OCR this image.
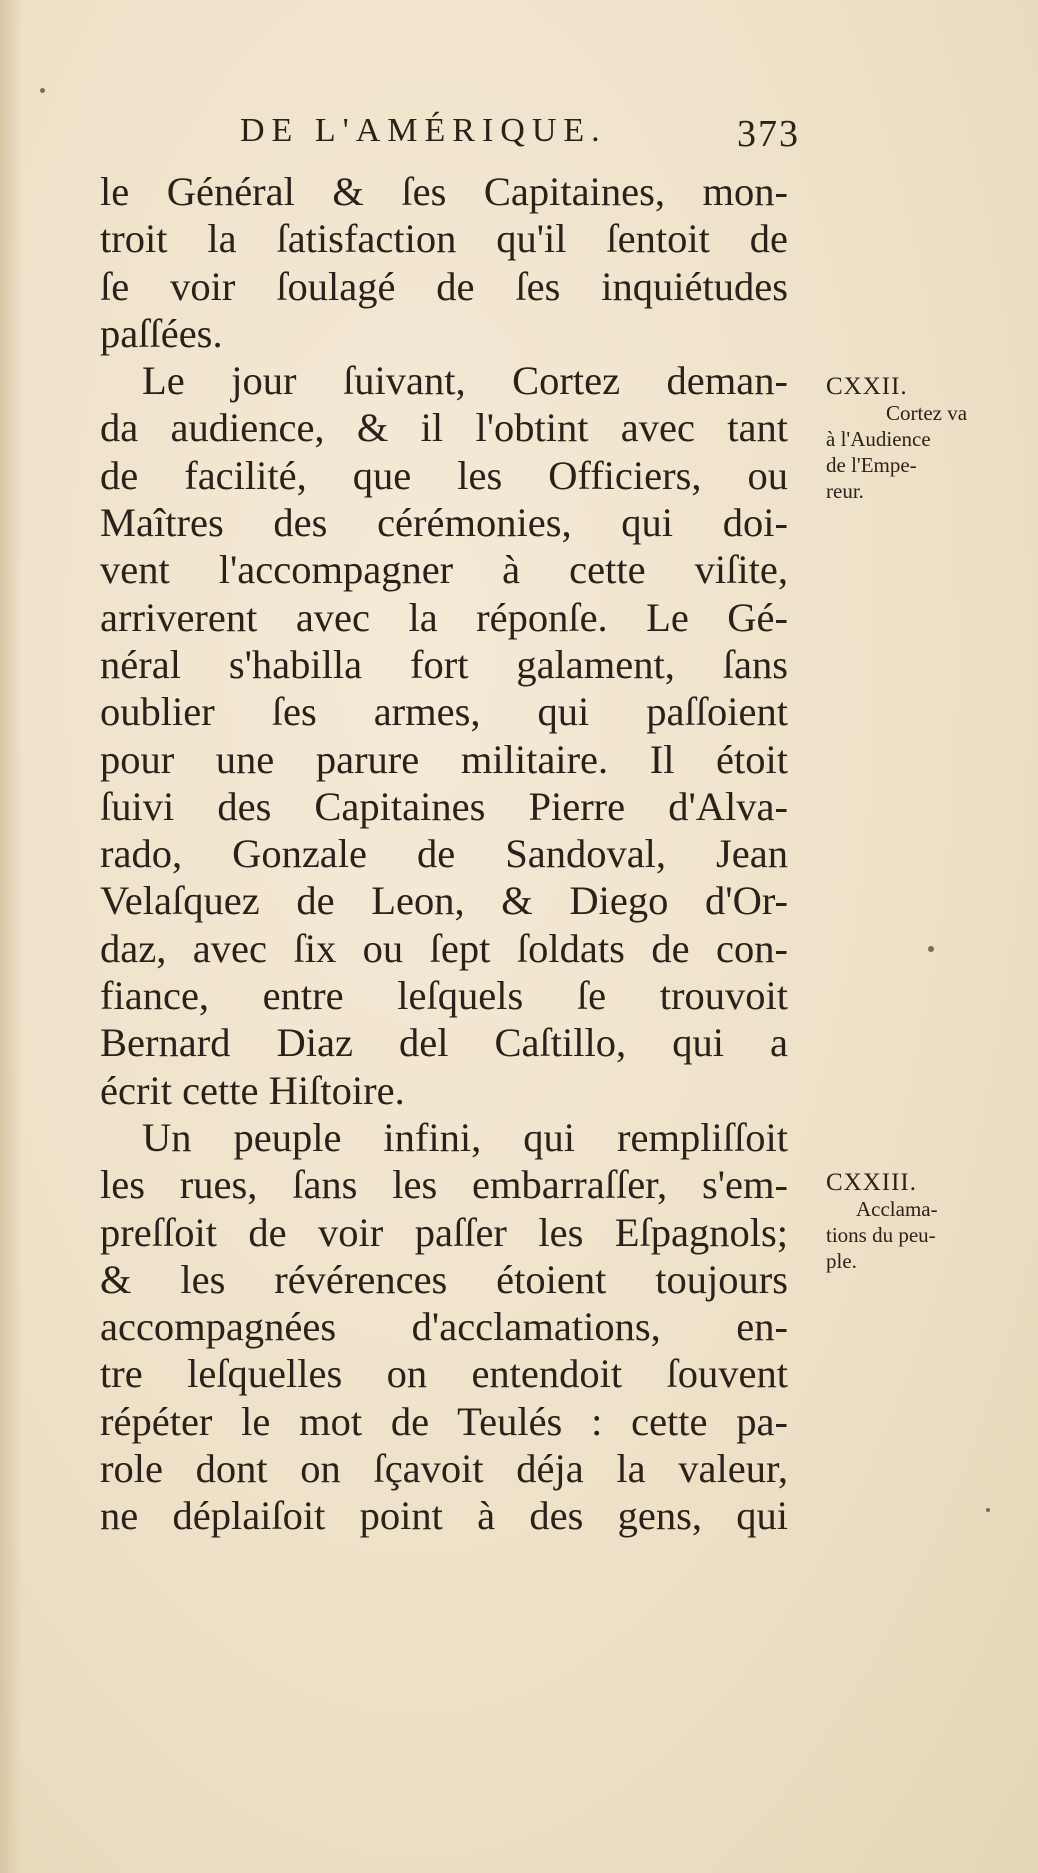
DE L'AMÉRIQUE.	373
le Général & ſes Capitaines, mon-
troit la ſatisfaction qu'il ſentoit de
ſe voir ſoulagé de ſes inquiétudes
paſſées.
Le jour ſuivant, Cortez deman-
da audience, & il l'obtint avec tant
de facilité, que les Officiers, ou
Maîtres des cérémonies, qui doi-
vent l'accompagner à cette viſite,
arriverent avec la réponſe. Le Gé-
néral s'habilla fort galament, ſans
oublier ſes armes, qui paſſoient
pour une parure militaire. Il étoit
ſuivi des Capitaines Pierre d'Alva-
rado, Gonzale de Sandoval, Jean
Velaſquez de Leon, & Diego d'Or-
daz, avec ſix ou ſept ſoldats de con-
fiance, entre leſquels ſe trouvoit
Bernard Diaz del Caſtillo, qui a
écrit cette Hiſtoire.
Un peuple infini, qui rempliſſoit
les rues, ſans les embarraſſer, s'em-
preſſoit de voir paſſer les Eſpagnols;
& les révérences étoient toujours
accompagnées d'acclamations, en-
tre leſquelles on entendoit ſouvent
répéter le mot de Teulés : cette pa-
role dont on ſçavoit déja la valeur,
ne déplaiſoit point à des gens, qui
CXXII.
Cortez va
à l'Audience
de l'Empe-
reur.
CXXIII.
Acclama-
tions du peu-
ple.
